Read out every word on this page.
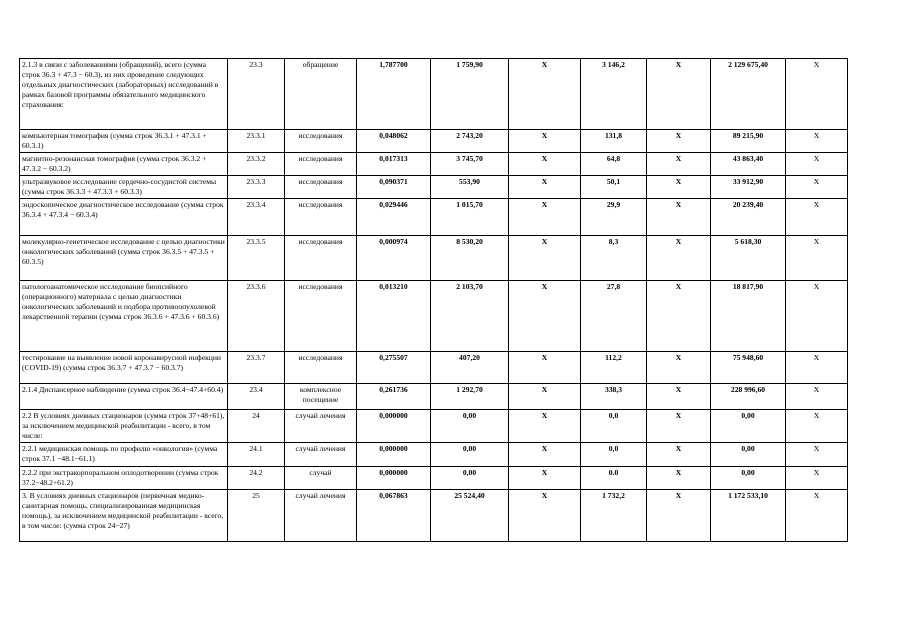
2.1.3 в связи с заболеваниями (обращений), всего (сумма строк 36.3 + 47.3 − 60.3), из них проведение следующих отдельных диагностических (лабораторных) исследований в рамках базовой программы обязательного медицинского страхования:	23.3	обращение	1,787700	1 759,90	X	3 146,2	X	2 129 675,40	X
компьютерная томография (сумма строк 36.3.1 + 47.3.1 + 60.3.1)	23.3.1	исследования	0,048062	2 743,20	X	131,8	X	89 215,90	X
магнитно-резонансная томография (сумма строк 36.3.2 + 47.3.2 − 60.3.2)	23.3.2	исследования	0,017313	3 745,70	X	64,8	X	43 863,40	X
ультразвуковое исследование сердечно-сосудистой системы (сумма строк 36.3.3 + 47.3.3 + 60.3.3)	23.3.3	исследования	0,090371	553,90	X	50,1	X	33 912,90	X
эндоскопическое диагностическое исследование (сумма строк 36.3.4 + 47.3.4 − 60.3.4)	23.3.4	исследования	0,029446	1 015,70	X	29,9	X	20 239,40	X
молекулярно-генетическое исследование с целью диагностики онкологических заболеваний (сумма строк 36.3.5 + 47.3.5 + 60.3.5)	23.3.5	исследования	0,000974	8 530,20	X	8,3	X	5 618,30	X
патологоанатомическое исследование биопсийного (операционного) материала с целью диагностики онкологических заболеваний и подбора противоопухолевой лекарственной терапии (сумма строк 36.3.6 + 47.3.6 + 60.3.6)	23.3.6	исследования	0,013210	2 103,70	X	27,8	X	18 817,90	X
тестирование на выявление новой коронавирусной инфекции (COVID-19) (сумма строк 36.3.7 + 47.3.7 − 60.3.7)	23.3.7	исследования	0,275507	407,20	X	112,2	X	75 948,60	X
2.1.4 Диспансерное наблюдение (сумма строк 36.4−47.4+60.4)	23.4	комплексное посещение	0,261736	1 292,70	X	338,3	X	228 996,60	X
2.2 В условиях дневных стационаров (сумма строк 37+48+61), за исключением медицинской реабилитации - всего, в том числе:	24	случай лечения	0,000000	0,00	X	0,0	X	0,00	X
2.2.1 медицинская помощь по профилю «онкология» (сумма строк 37.1 −48.1−61.1)	24.1	случай лечения	0,000000	0,00	X	0,0	X	0,00	X
2.2.2 при экстракорпоральном оплодотворении (сумма строк 37.2−48.2+61.2)	24.2	случай	0,000000	0,00	X	0.0	X	0,00	X
3. В условиях дневных стационаров (первичная медико-санитарная помощь, специализированная медицинская помощь), за исключением медицинской реабилитации - всего, в том числе: (сумма строк 24−27)	25	случай лечения	0,067863	25 524,40	X	1 732,2	X	1 172 533,10	X
